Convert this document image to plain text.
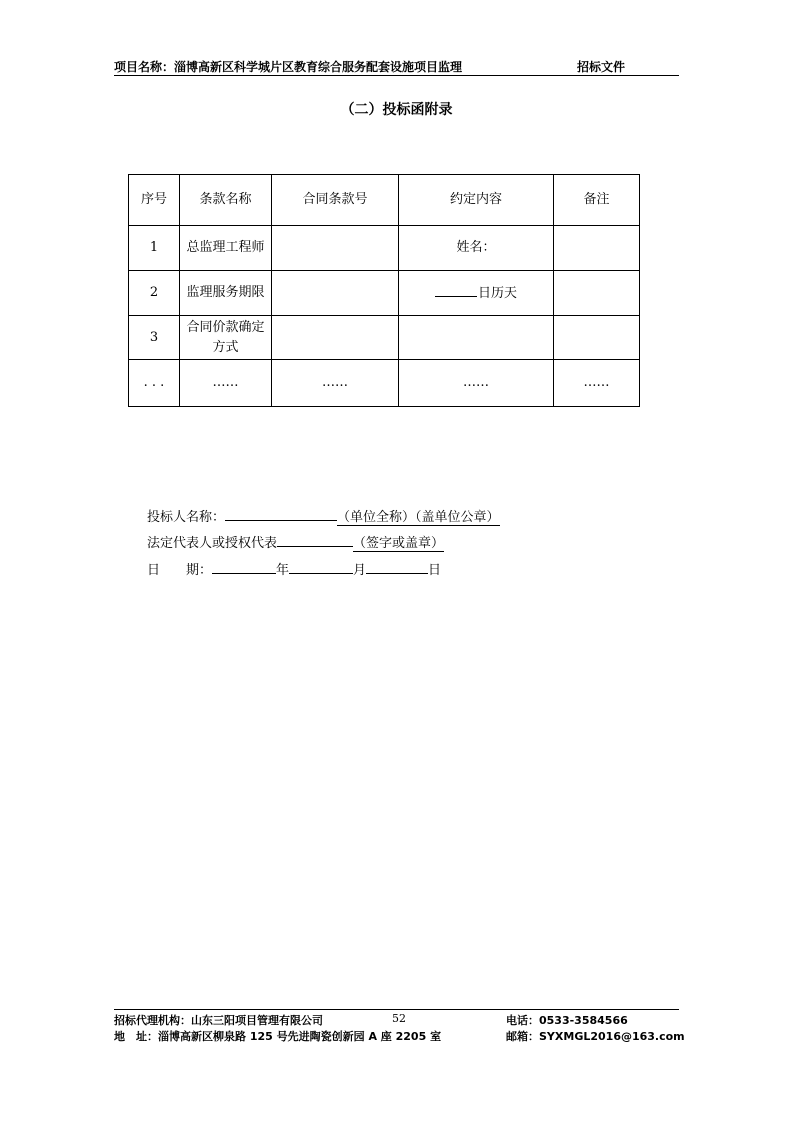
项目名称：淄博高新区科学城片区教育综合服务配套设施项目监理	招标文件
（二）投标函附录
序号	条款名称	合同条款号	约定内容	备注
1	总监理工程师		姓名：	
2	监理服务期限		日历天	
3	合同价款确定方式			
. . .	……	……	……	……
投标人名称：	（单位全称）（盖单位公章）
法定代表人或授权代表	（签字或盖章）
日　　期：	年	月	日
招标代理机构：山东三阳项目管理有限公司	52	电话：0533-3584566
地　址：淄博高新区柳泉路 125 号先进陶瓷创新园 A 座 2205 室	邮箱：SYXMGL2016@163.com
